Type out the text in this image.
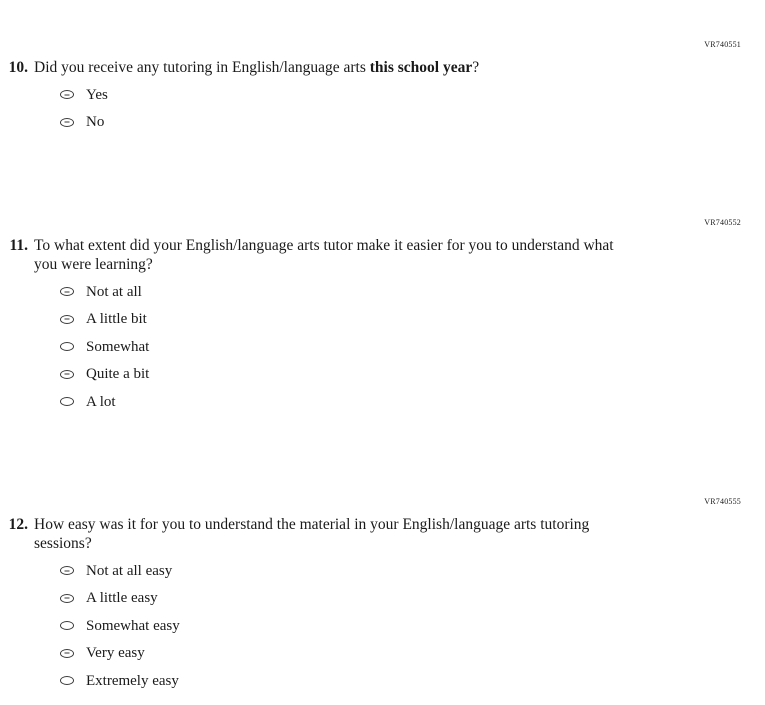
VR740551
10. Did you receive any tutoring in English/language arts this school year?
Yes
No
VR740552
11. To what extent did your English/language arts tutor make it easier for you to understand what you were learning?
Not at all
A little bit
Somewhat
Quite a bit
A lot
VR740555
12. How easy was it for you to understand the material in your English/language arts tutoring sessions?
Not at all easy
A little easy
Somewhat easy
Very easy
Extremely easy
